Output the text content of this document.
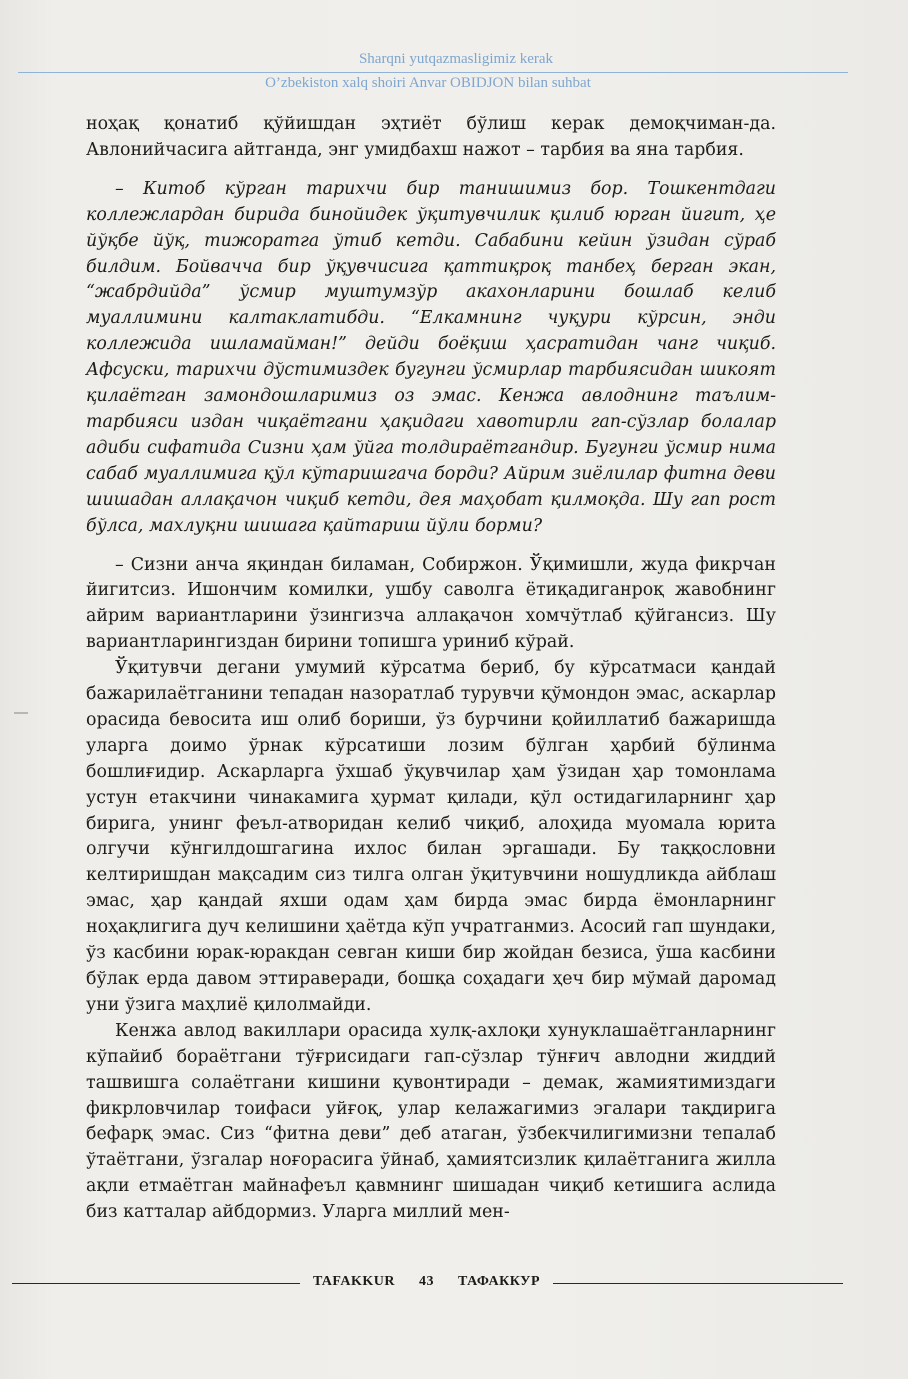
Sharqni yutqazmasligimiz kerak
O’zbekiston xalq shoiri Anvar OBIDJON bilan suhbat

ноҳақ қонатиб қўйишдан эҳтиёт бўлиш керак демоқчиман-да. Авлонийчасига айтганда, энг умидбахш нажот – тарбия ва яна тарбия.

– Китоб кўрган тарихчи бир танишимиз бор. Тошкентдаги коллежлардан бирида бинойидек ўқитувчилик қилиб юрган йигит, ҳе йўқбе йўқ, тижоратга ўтиб кетди. Сабабини кейин ўзидан сўраб билдим. Бойвачча бир ўқувчисига қаттиқроқ танбеҳ берган экан, “жабрдийда” ўсмир муштумзўр акахонларини бошлаб келиб муаллимини калтаклатибди. “Елкамнинг чуқури кўрсин, энди коллежида ишламайман!” дейди боёқиш ҳасратидан чанг чиқиб. Афсуски, тарихчи дўстимиздек бугунги ўсмирлар тарбиясидан шикоят қилаётган замондошларимиз оз эмас. Кенжа авлоднинг таълим-тарбияси издан чиқаётгани ҳақидаги хавотирли гап-сўзлар болалар адиби сифатида Сизни ҳам ўйга толдираётгандир. Бугунги ўсмир нима сабаб муаллимига қўл кўтаришгача борди? Айрим зиёлилар фитна деви шишадан аллақачон чиқиб кетди, дея маҳобат қилмоқда. Шу гап рост бўлса, махлуқни шишага қайтариш йўли борми?

– Сизни анча яқиндан биламан, Собиржон. Ўқимишли, жуда фикрчан йигитсиз. Ишончим комилки, ушбу саволга ётиқадиганроқ жавобнинг айрим вариантларини ўзингизча аллақачон хомчўтлаб қўйгансиз. Шу вариантларингиздан бирини топишга уриниб кўрай.

Ўқитувчи дегани умумий кўрсатма бериб, бу кўрсатмаси қандай бажарилаётганини тепадан назоратлаб турувчи қўмондон эмас, аскарлар орасида бевосита иш олиб бориши, ўз бурчини қойиллатиб бажаришда уларга доимо ўрнак кўрсатиши лозим бўлган ҳарбий бўлинма бошлиғидир. Аскарларга ўхшаб ўқувчилар ҳам ўзидан ҳар томонлама устун етакчини чинакамига ҳурмат қилади, қўл остидагиларнинг ҳар бирига, унинг феъл-атворидан келиб чиқиб, алоҳида муомала юрита олгучи кўнгилдошгагина ихлос билан эргашади. Бу таққословни келтиришдан мақсадим сиз тилга олган ўқитувчини ношудликда айблаш эмас, ҳар қандай яхши одам ҳам бирда эмас бирда ёмонларнинг ноҳақлигига дуч келишини ҳаётда кўп учратганмиз. Асосий гап шундаки, ўз касбини юрак-юракдан севган киши бир жойдан безиса, ўша касбини бўлак ерда давом эттираверади, бошқа соҳадаги ҳеч бир мўмай даромад уни ўзига маҳлиё қилолмайди.

Кенжа авлод вакиллари орасида хулқ-ахлоқи хунуклашаётганларнинг кўпайиб бораётгани тўғрисидаги гап-сўзлар тўнғич авлодни жиддий ташвишга солаётгани кишини қувонтиради – демак, жамиятимиздаги фикрловчилар тоифаси уйғоқ, улар келажагимиз эгалари тақдирига бефарқ эмас. Сиз “фитна деви” деб атаган, ўзбекчилигимизни тепалаб ўтаётгани, ўзгалар ноғорасига ўйнаб, ҳамиятсизлик қилаётганига жилла ақли етмаётган майнафеъл қавмнинг шишадан чиқиб кетишига аслида биз катталар айбдормиз. Уларга миллий мен-

TAFAKKUR 43 ТАФАККУР
